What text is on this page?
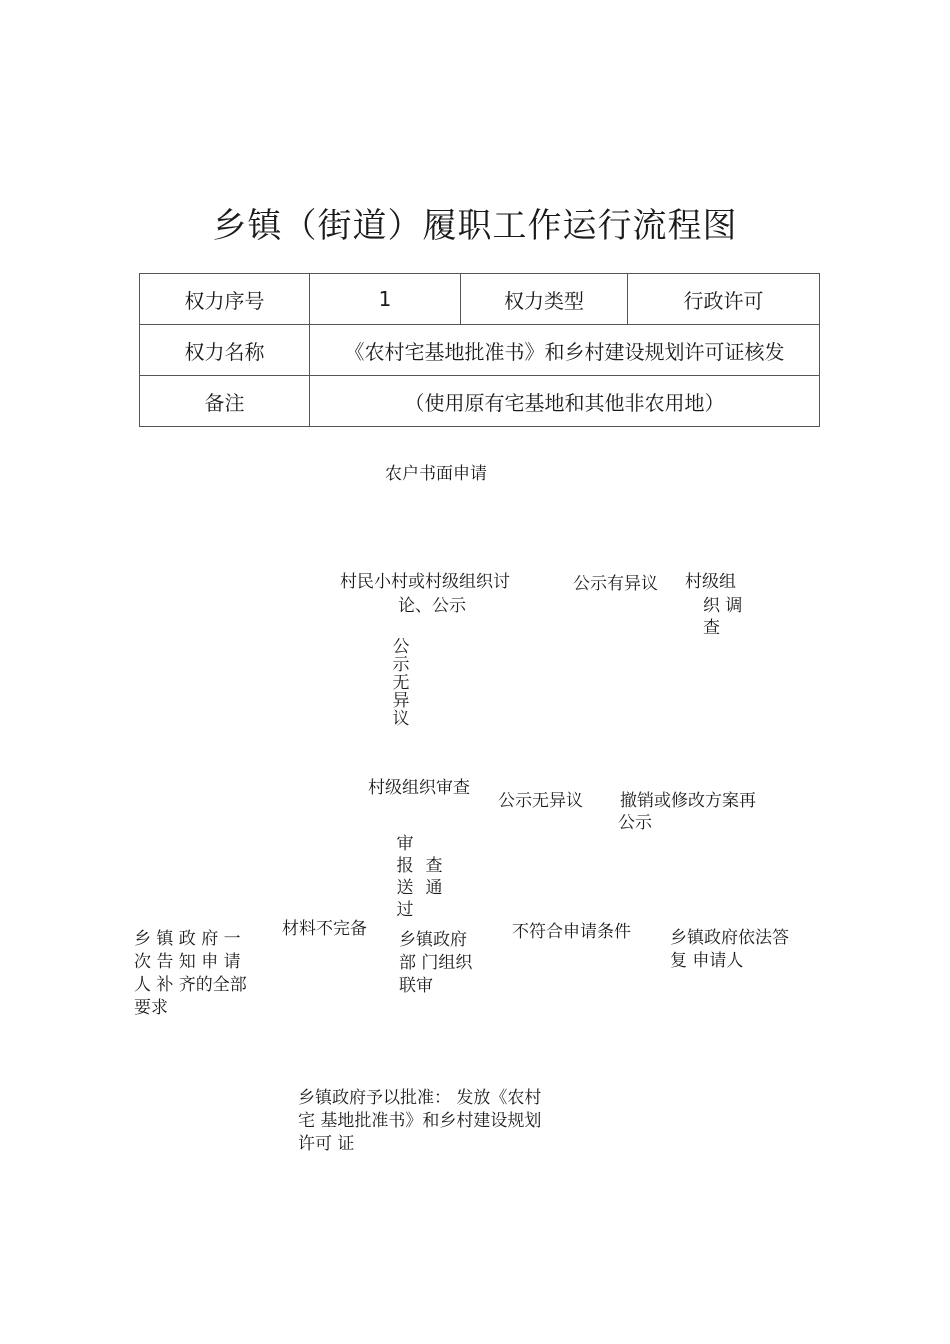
乡镇（街道）履职工作运行流程图
权力序号	1	权力类型	行政许可
权力名称	《农村宅基地批准书》和乡村建设规划许可证核发		
备注	（使用原有宅基地和其他非农用地）		
农户书面申请
村民小村或村级组织讨
论、公示
公示有异议 村级组
织 调
查
公
示
无
异
议
村级组织审查
公示无异议 撤销或修改方案再
公示
审
报
送
过
查
通
材料不完备
乡 镇 政 府 一
次 告 知 申 请
人 补 齐的全部
要求
乡镇政府
部 门组织
联审
不符合申请条件 乡镇政府依法答
复 申请人
乡镇政府予以批准： 发放《农村
宅 基地批准书》和乡村建设规划
许可 证
